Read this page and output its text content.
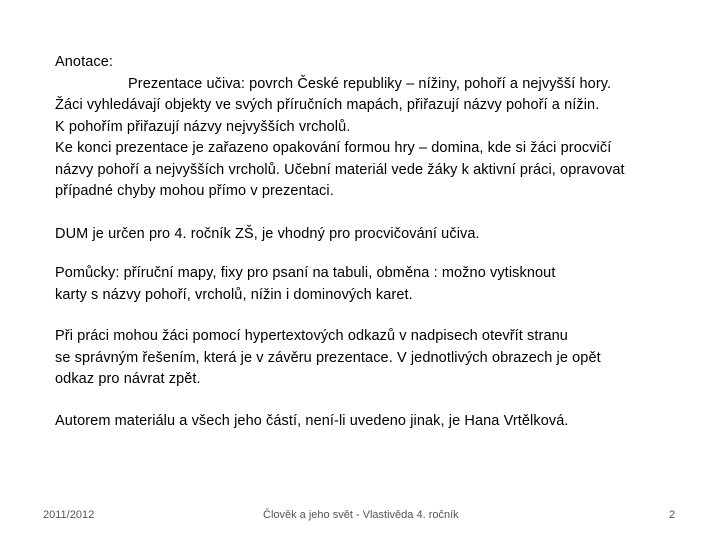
Anotace:
Prezentace učiva: povrch České republiky – nížiny, pohoří a nejvyšší hory.
Žáci vyhledávají objekty ve svých příručních mapách, přiřazují názvy pohoří a nížin.
K pohořím přiřazují názvy nejvyšších vrcholů.
Ke konci prezentace je zařazeno opakování formou hry – domina, kde si žáci procvičí
názvy pohoří a nejvyšších vrcholů. Učební materiál vede žáky k aktivní práci, opravovat
případné chyby mohou přímo v prezentaci.
DUM je určen pro 4. ročník ZŠ, je vhodný pro procvičování učiva.
Pomůcky: příruční mapy, fixy pro psaní na tabuli, obměna : možno vytisknout
karty s názvy pohoří, vrcholů, nížin i dominových karet.
Při práci mohou žáci pomocí hypertextových odkazů v nadpisech otevřít stranu
se správným řešením, která je v závěru prezentace. V jednotlivých obrazech je opět
odkaz pro návrat zpět.
Autorem materiálu a všech jeho částí, není-li uvedeno jinak, je Hana Vrtělková.
2011/2012	Člověk a jeho svět - Vlastivěda 4. ročník	2
